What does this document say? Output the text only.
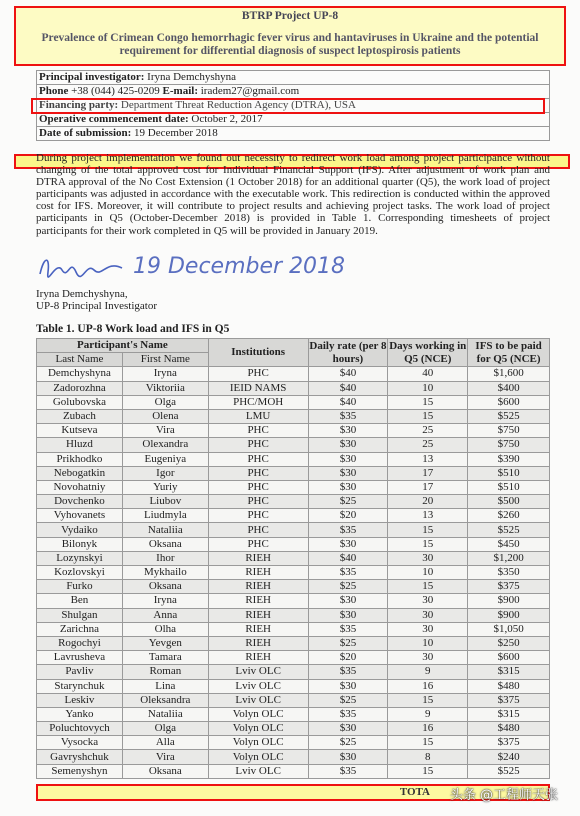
BTRP Project UP-8
Prevalence of Crimean Congo hemorrhagic fever virus and hantaviruses in Ukraine and the potential requirement for differential diagnosis of suspect leptospirosis patients
Principal investigator: Iryna Demchyshyna
Phone +38 (044) 425-0209 E-mail: iradem27@gmail.com
Financing party: Department Threat Reduction Agency (DTRA), USA
Operative commencement date: October 2, 2017
Date of submission: 19 December 2018
During project implementation we found out necessity to redirect work load among project participance without changing of the total approved cost for Individual Financial Support (IFS). After adjustment of work plan and DTRA approval of the No Cost Extension (1 October 2018) for an additional quarter (Q5), the work load of project participants was adjusted in accordance with the executable work. This redirection is conducted within the approved cost for IFS. Moreover, it will contribute to project results and achieving project tasks. The work load of project participants in Q5 (October-December 2018) is provided in Table 1. Corresponding timesheets of project participants for their work completed in Q5 will be provided in January 2019.
19 December 2018
Iryna Demchyshyna,
UP-8 Principal Investigator
Table 1. UP-8 Work load and IFS in Q5
Participant's Name		Institutions	Daily rate (per 8 hours)	Days working in Q5 (NCE)	IFS to be paid for Q5 (NCE)
Last Name	First Name				
Demchyshyna	Iryna	PHC	$40	40	$1,600
Zadorozhna	Viktoriia	IEID NAMS	$40	10	$400
Golubovska	Olga	PHC/MOH	$40	15	$600
Zubach	Olena	LMU	$35	15	$525
Kutseva	Vira	PHC	$30	25	$750
Hluzd	Olexandra	PHC	$30	25	$750
Prikhodko	Eugeniya	PHC	$30	13	$390
Nebogatkin	Igor	PHC	$30	17	$510
Novohatniy	Yuriy	PHC	$30	17	$510
Dovchenko	Liubov	PHC	$25	20	$500
Vyhovanets	Liudmyla	PHC	$20	13	$260
Vydaiko	Nataliia	PHC	$35	15	$525
Bilonyk	Oksana	PHC	$30	15	$450
Lozynskyi	Ihor	RIEH	$40	30	$1,200
Kozlovskyi	Mykhailo	RIEH	$35	10	$350
Furko	Oksana	RIEH	$25	15	$375
Ben	Iryna	RIEH	$30	30	$900
Shulgan	Anna	RIEH	$30	30	$900
Zarichna	Olha	RIEH	$35	30	$1,050
Rogochyi	Yevgen	RIEH	$25	10	$250
Lavrusheva	Tamara	RIEH	$20	30	$600
Pavliv	Roman	Lviv OLC	$35	9	$315
Starynchuk	Lina	Lviv OLC	$30	16	$480
Leskiv	Oleksandra	Lviv OLC	$25	15	$375
Yanko	Nataliia	Volyn OLC	$35	9	$315
Poluchtovych	Olga	Volyn OLC	$30	16	$480
Vysocka	Alla	Volyn OLC	$25	15	$375
Gavryshchuk	Vira	Volyn OLC	$30	8	$240
Semenyshyn	Oksana	Lviv OLC	$35	15	$525
TOTA	头条 @工程师天张
